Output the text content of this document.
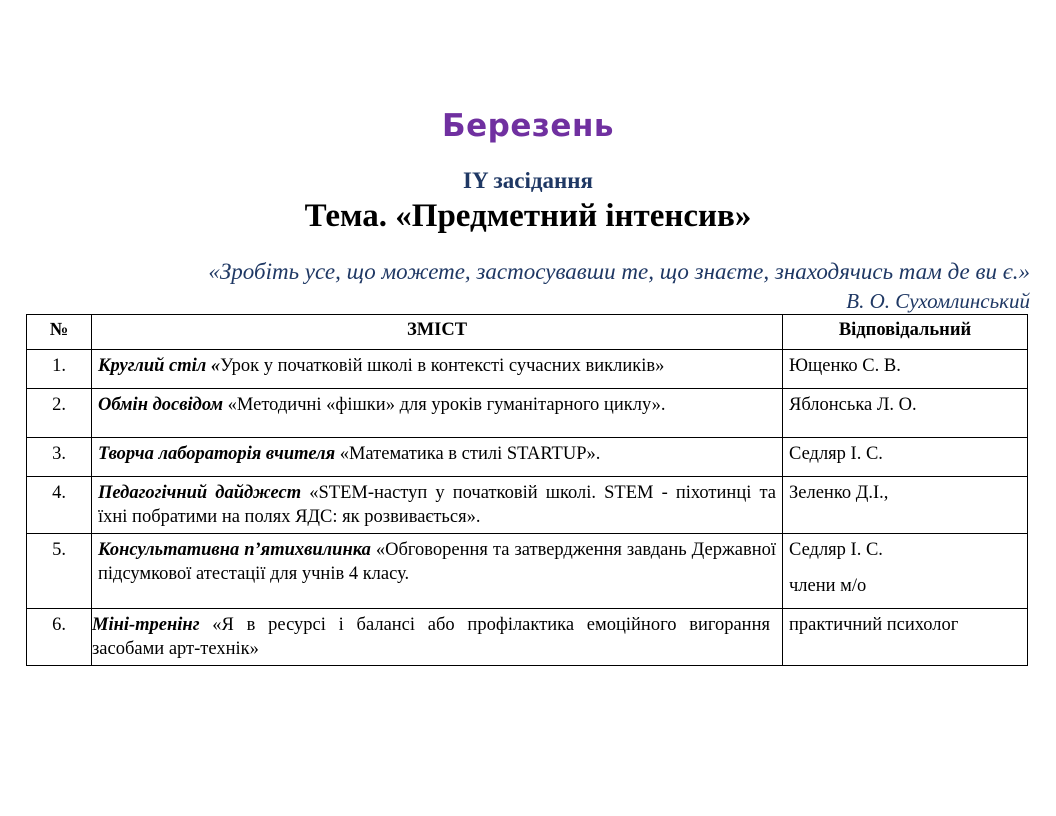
Березень
IY засідання
Тема. «Предметний інтенсив»
«Зробіть усе, що можете, застосувавши те, що знаєте, знаходячись там де ви є.»
В. О. Сухомлинський
№	ЗМІСТ	Відповідальний
1.	Круглий стіл «Урок у початковій школі в контексті сучасних викликів»	Ющенко С. В.
2.	Обмін досвідом «Методичні «фішки» для уроків гуманітарного циклу».	Яблонська Л. О.
3.	Творча лабораторія вчителя «Математика в стилі STARTUP».	Седляр І. С.
4.	Педагогічний дайджест «STEM-наступ у початковій школі. STEM - піхотинці та їхні побратими на полях ЯДС: як розвивається».	Зеленко Д.І.,
5.	Консультативна п’ятихвилинка «Обговорення та затвердження завдань Державної підсумкової атестації для учнів 4 класу.	Седляр І. С.
члени м/о

6.	Міні-тренінг «Я в ресурсі і балансі або профілактика емоційного вигорання засобами арт-технік»	практичний психолог
